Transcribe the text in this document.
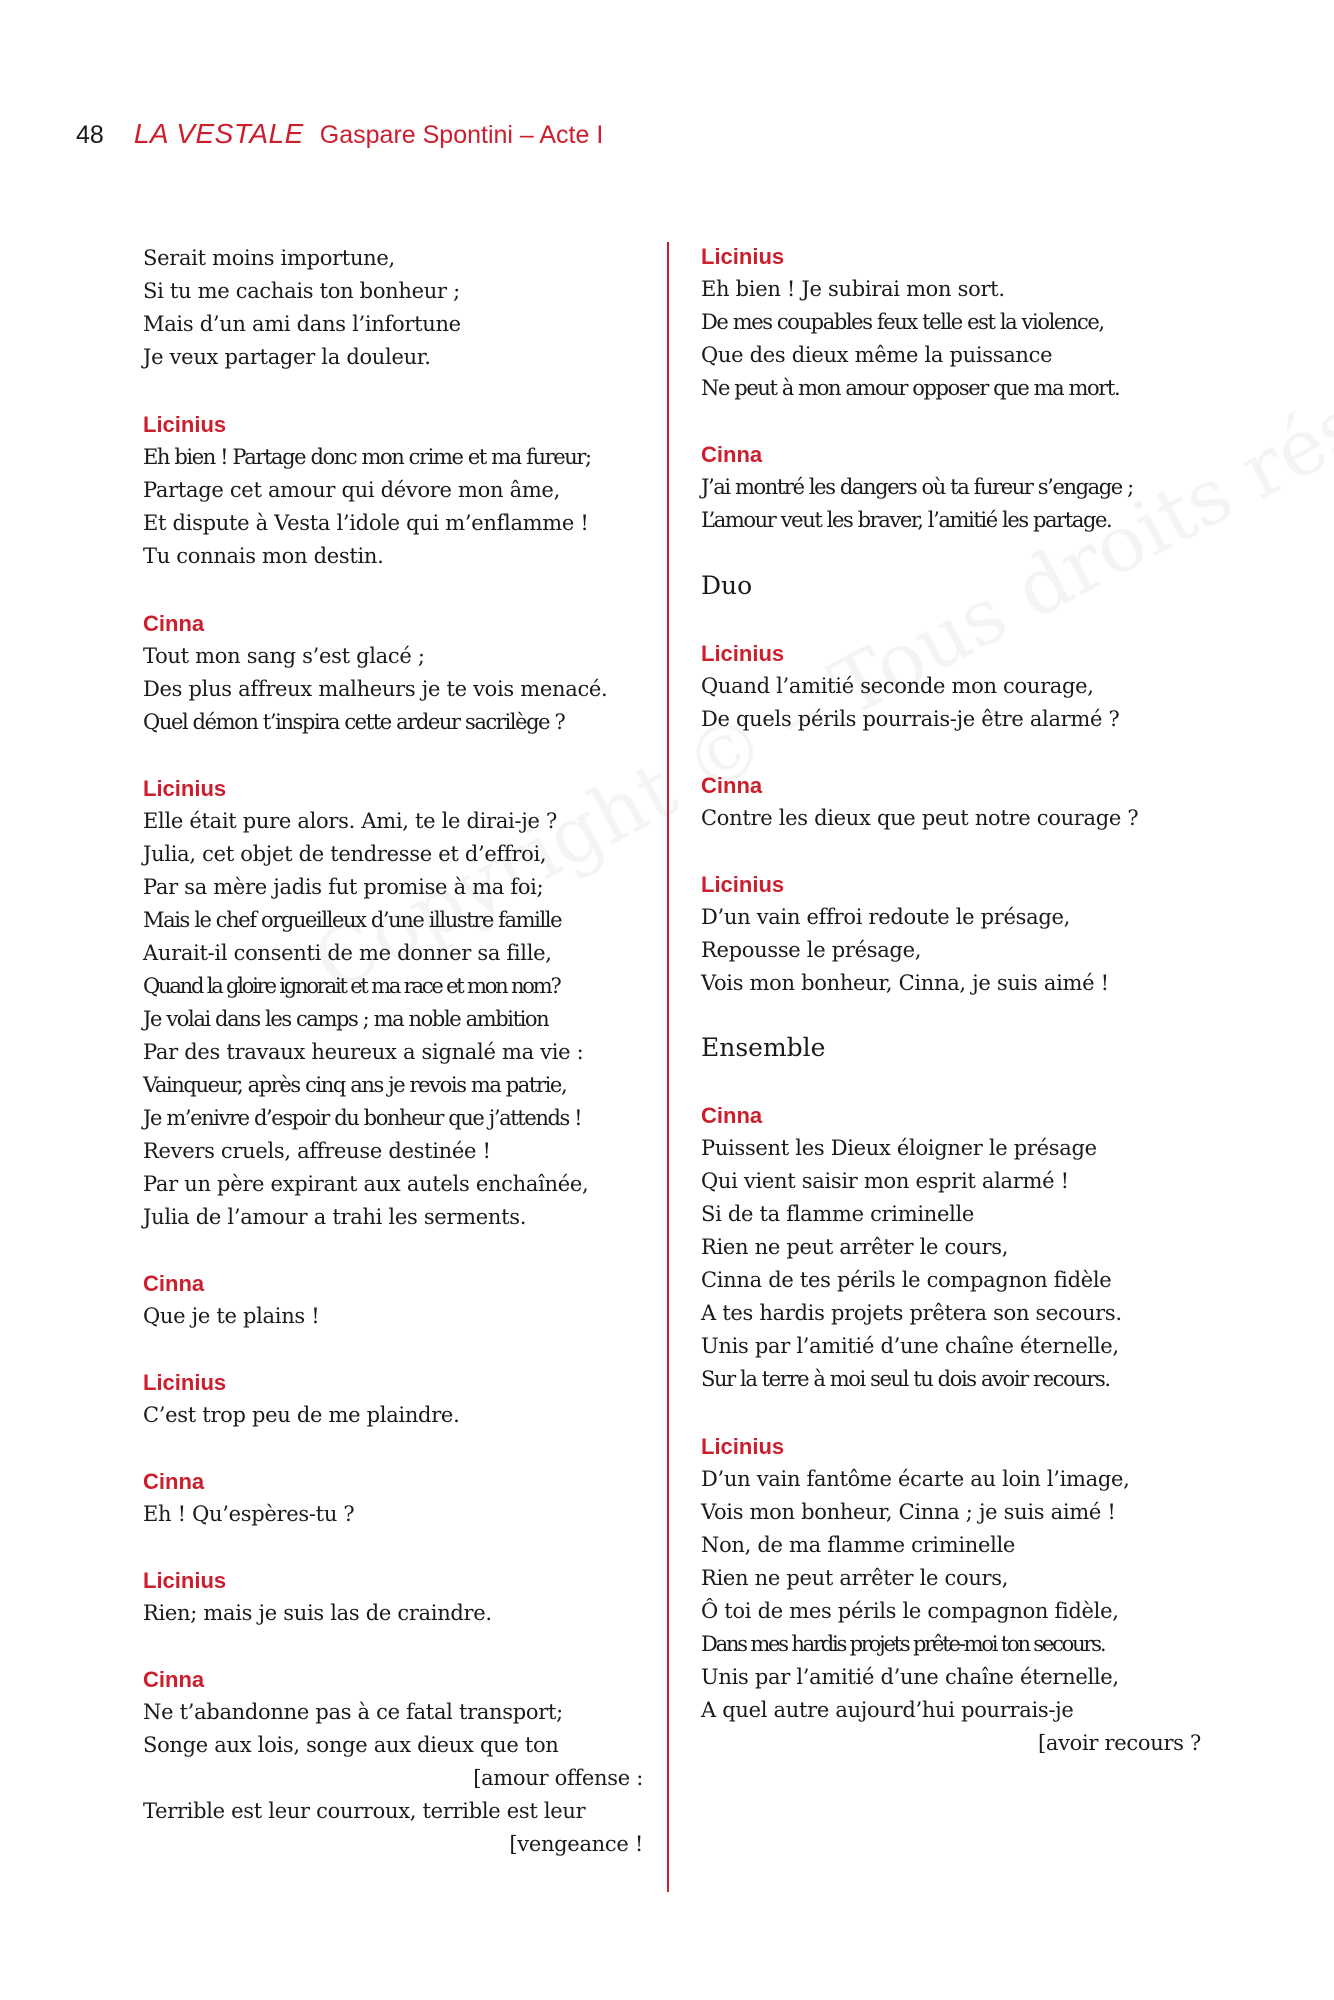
48 LA VESTALE Gaspare Spontini – Acte I
Serait moins importune,
Si tu me cachais ton bonheur ;
Mais d’un ami dans l’infortune
Je veux partager la douleur.
Licinius
Eh bien ! Partage donc mon crime et ma fureur;
Partage cet amour qui dévore mon âme,
Et dispute à Vesta l’idole qui m’enflamme !
Tu connais mon destin.
Cinna
Tout mon sang s’est glacé ;
Des plus affreux malheurs je te vois menacé.
Quel démon t’inspira cette ardeur sacrilège ?
Licinius
Elle était pure alors. Ami, te le dirai-je ?
Julia, cet objet de tendresse et d’effroi,
Par sa mère jadis fut promise à ma foi;
Mais le chef orgueilleux d’une illustre famille
Aurait-il consenti de me donner sa fille,
Quand la gloire ignorait et ma race et mon nom?
Je volai dans les camps ; ma noble ambition
Par des travaux heureux a signalé ma vie :
Vainqueur, après cinq ans je revois ma patrie,
Je m’enivre d’espoir du bonheur que j’attends !
Revers cruels, affreuse destinée !
Par un père expirant aux autels enchaînée,
Julia de l’amour a trahi les serments.
Cinna
Que je te plains !
Licinius
C’est trop peu de me plaindre.
Cinna
Eh ! Qu’espères-tu ?
Licinius
Rien; mais je suis las de craindre.
Cinna
Ne t’abandonne pas à ce fatal transport;
Songe aux lois, songe aux dieux que ton
[amour offense :
Terrible est leur courroux, terrible est leur
[vengeance !
Licinius
Eh bien ! Je subirai mon sort.
De mes coupables feux telle est la violence,
Que des dieux même la puissance
Ne peut à mon amour opposer que ma mort.
Cinna
J’ai montré les dangers où ta fureur s’engage ;
L’amour veut les braver, l’amitié les partage.
Duo
Licinius
Quand l’amitié seconde mon courage,
De quels périls pourrais-je être alarmé ?
Cinna
Contre les dieux que peut notre courage ?
Licinius
D’un vain effroi redoute le présage,
Repousse le présage,
Vois mon bonheur, Cinna, je suis aimé !
Ensemble
Cinna
Puissent les Dieux éloigner le présage
Qui vient saisir mon esprit alarmé !
Si de ta flamme criminelle
Rien ne peut arrêter le cours,
Cinna de tes périls le compagnon fidèle
A tes hardis projets prêtera son secours.
Unis par l’amitié d’une chaîne éternelle,
Sur la terre à moi seul tu dois avoir recours.
Licinius
D’un vain fantôme écarte au loin l’image,
Vois mon bonheur, Cinna ; je suis aimé !
Non, de ma flamme criminelle
Rien ne peut arrêter le cours,
Ô toi de mes périls le compagnon fidèle,
Dans mes hardis projets prête-moi ton secours.
Unis par l’amitié d’une chaîne éternelle,
A quel autre aujourd’hui pourrais-je
[avoir recours ?
